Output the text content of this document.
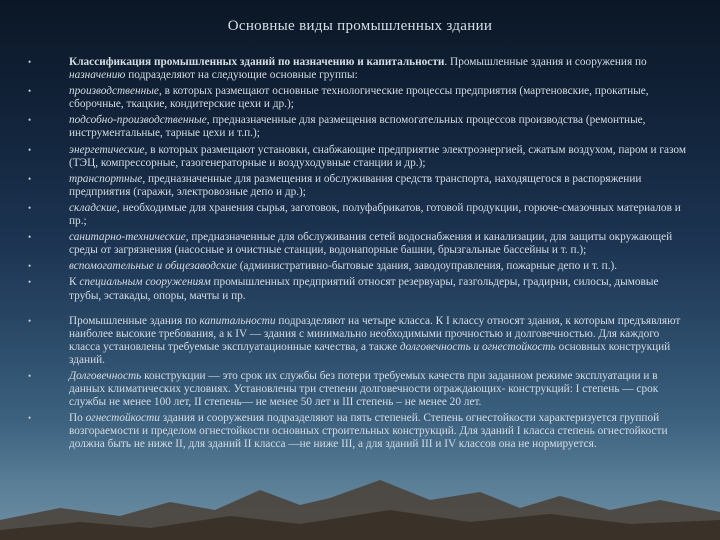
Основные виды промышленных здании
•	Классификация промышленных зданий по назначению и капитальности. Промышленные здания и сооружения по назначению подразделяют на следующие основные группы:
•	производственные, в которых размещают основные технологические процессы предприятия (мартеновские, прокатные, сборочные, ткацкие, кондитерские цехи и др.);
•	подсобно-производственные, предназначенные для размещения вспомогательных процессов производства (ремонтные, инструментальные, тарные цехи и т.п.);
•	энергетические, в которых размещают установки, снабжающие предприятие электроэнергией, сжатым воздухом, паром и газом (ТЭЦ, компрессорные, газогенераторные и воздуходувные станции и др.);
•	транспортные, предназначенные для размещения и обслуживания средств транспорта, находящегося в распоряжении предприятия (гаражи, электровозные депо и др.);
•	складские, необходимые для хранения сырья, заготовок, полуфабрикатов, готовой продукции, горюче-смазочных материалов и пр.;
•	санитарно-технические, предназначенные для обслуживания сетей водоснабжения и канализации, для защиты окружающей среды от загрязнения (насосные и очистные станции, водонапорные башни, брызгальные бассейны и т. п.);
•	вспомогательные и общезаводские (административно-бытовые здания, заводоуправления, пожарные депо и т. п.).
•	К специальным сооружениям промышленных предприятий относят резервуары, газгольдеры, градирни, силосы, дымовые трубы, эстакады, опоры, мачты и пр.
•	Промышленные здания по капитальности подразделяют на четыре класса. К I классу относят здания, к которым предъявляют наиболее высокие требования, а к IV — здания с минимально необходимыми прочностью и долговечностью. Для каждого класса установлены требуемые эксплуатационные качества, а также долговечность и огнестойкость основных конструкций зданий.
•	Долговечность конструкции — это срок их службы без потери требуемых качеств при заданном режиме эксплуатации и в данных климатических условиях. Установлены три степени долговечности ограждающих- конструкций: I степень — срок службы не менее 100 лет, II степень— не менее 50 лет и III степень – не менее 20 лет.
•	По огнестойкости здания и сооружения подразделяют на пять степеней. Степень огнестойкости характеризуется группой возгораемости и пределом огнестойкости основных строительных конструкций. Для зданий I класса степень огнестойкости должна быть не ниже II, для зданий II класса —не ниже III, а для зданий III и IV классов она не нормируется.
